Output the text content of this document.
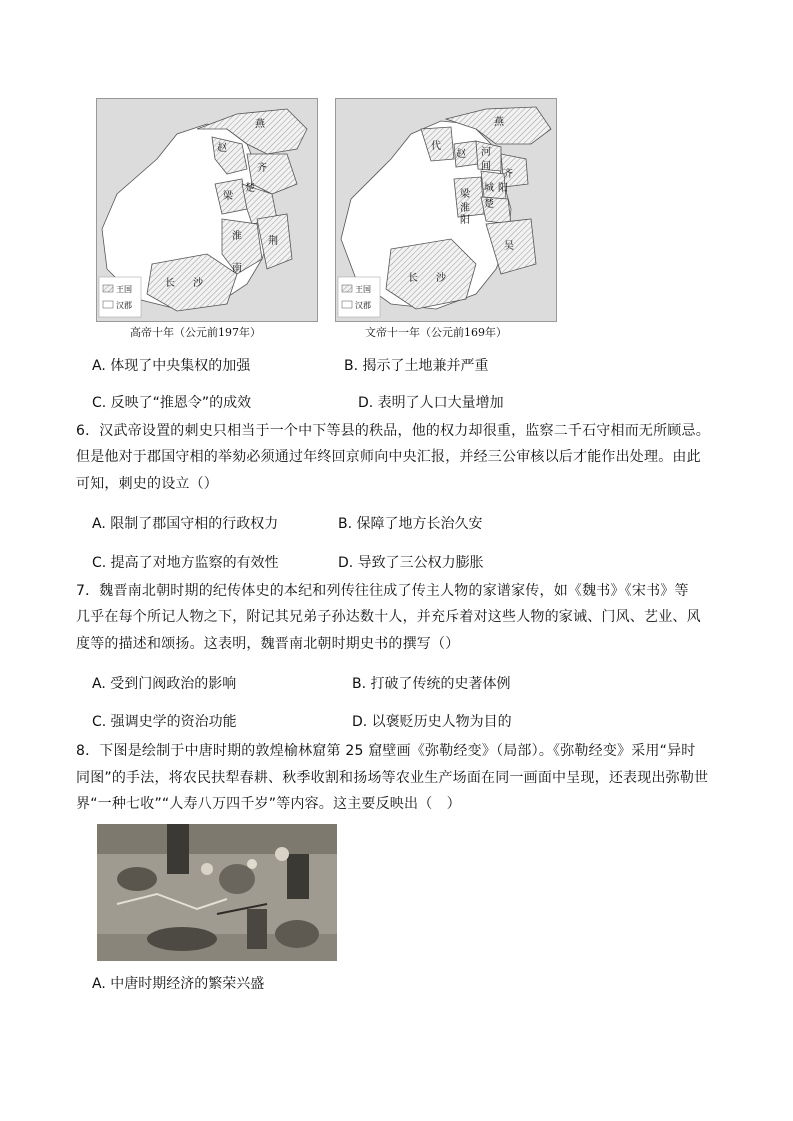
燕
赵
齐
梁
楚
淮	荆
南
长 沙
王国
汉郡
高帝十年（公元前197年）
燕
代
赵 河
间
齐
城 阳
梁
淮
阳
楚
吴
长 沙
王国
汉郡
文帝十一年（公元前169年）
A. 体现了中央集权的加强	B. 揭示了土地兼并严重
C. 反映了“推恩令”的成效	D. 表明了人口大量增加
6．汉武帝设置的刺史只相当于一个中下等县的秩品，他的权力却很重，监察二千石守相而无所顾忌。
但是他对于郡国守相的举劾必须通过年终回京师向中央汇报，并经三公审核以后才能作出处理。由此
可知，刺史的设立（）
A. 限制了郡国守相的行政权力	B. 保障了地方长治久安
C. 提高了对地方监察的有效性	D. 导致了三公权力膨胀
7．魏晋南北朝时期的纪传体史的本纪和列传往往成了传主人物的家谱家传，如《魏书》《宋书》等
几乎在每个所记人物之下，附记其兄弟子孙达数十人，并充斥着对这些人物的家诫、门风、艺业、风
度等的描述和颂扬。这表明，魏晋南北朝时期史书的撰写（）
A. 受到门阀政治的影响	B. 打破了传统的史著体例
C. 强调史学的资治功能	D. 以褒贬历史人物为目的
8．下图是绘制于中唐时期的敦煌榆林窟第 25 窟壁画《弥勒经变》（局部）。《弥勒经变》采用“异时
同图”的手法，将农民扶犁春耕、秋季收割和扬场等农业生产场面在同一画面中呈现，还表现出弥勒世
界“一种七收”“人寿八万四千岁”等内容。这主要反映出（　）
A. 中唐时期经济的繁荣兴盛
